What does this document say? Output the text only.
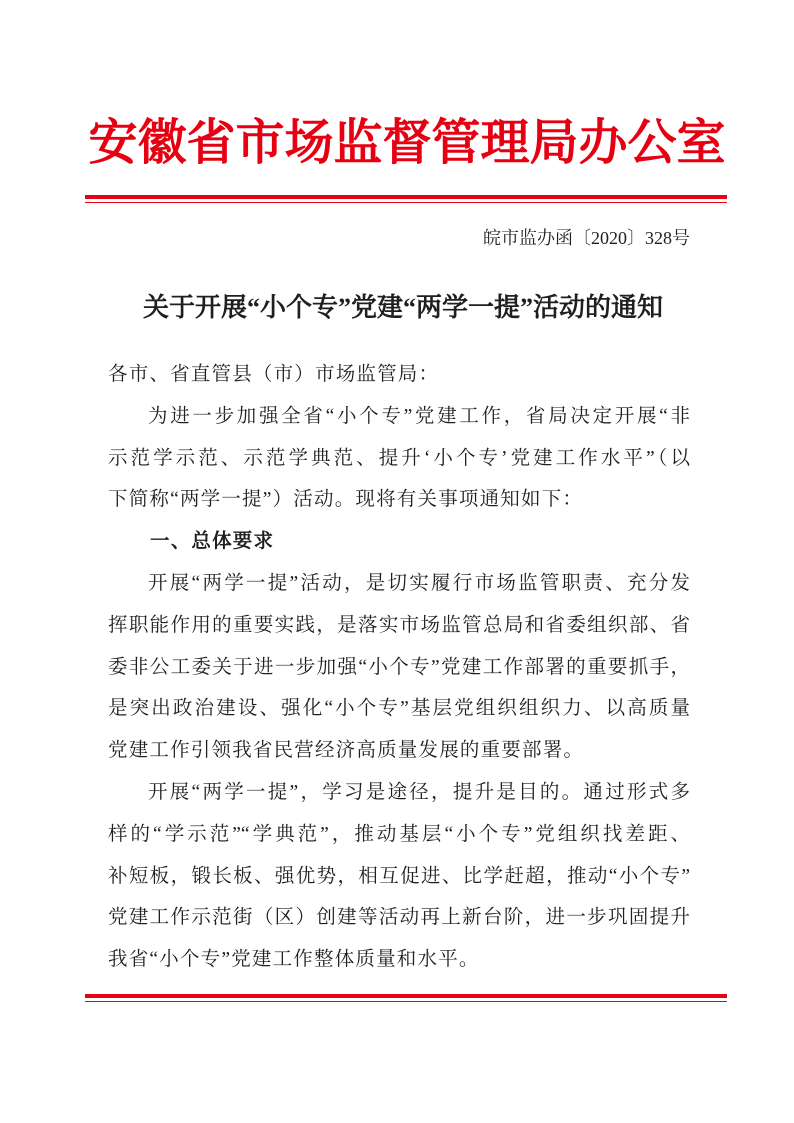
安徽省市场监督管理局办公室
皖市监办函〔2020〕328号
关于开展“小个专”党建“两学一提”活动的通知
各市、省直管县（市）市场监管局：
为进一步加强全省“小个专”党建工作，省局决定开展“非
示范学示范、示范学典范、提升‘小个专’党建工作水平”（以
下简称“两学一提”）活动。现将有关事项通知如下：
一、总体要求
开展“两学一提”活动，是切实履行市场监管职责、充分发
挥职能作用的重要实践，是落实市场监管总局和省委组织部、省
委非公工委关于进一步加强“小个专”党建工作部署的重要抓手，
是突出政治建设、强化“小个专”基层党组织组织力、以高质量
党建工作引领我省民营经济高质量发展的重要部署。
开展“两学一提”，学习是途径，提升是目的。通过形式多
样的“学示范”“学典范”，推动基层“小个专”党组织找差距、
补短板，锻长板、强优势，相互促进、比学赶超，推动“小个专”
党建工作示范街（区）创建等活动再上新台阶，进一步巩固提升
我省“小个专”党建工作整体质量和水平。
